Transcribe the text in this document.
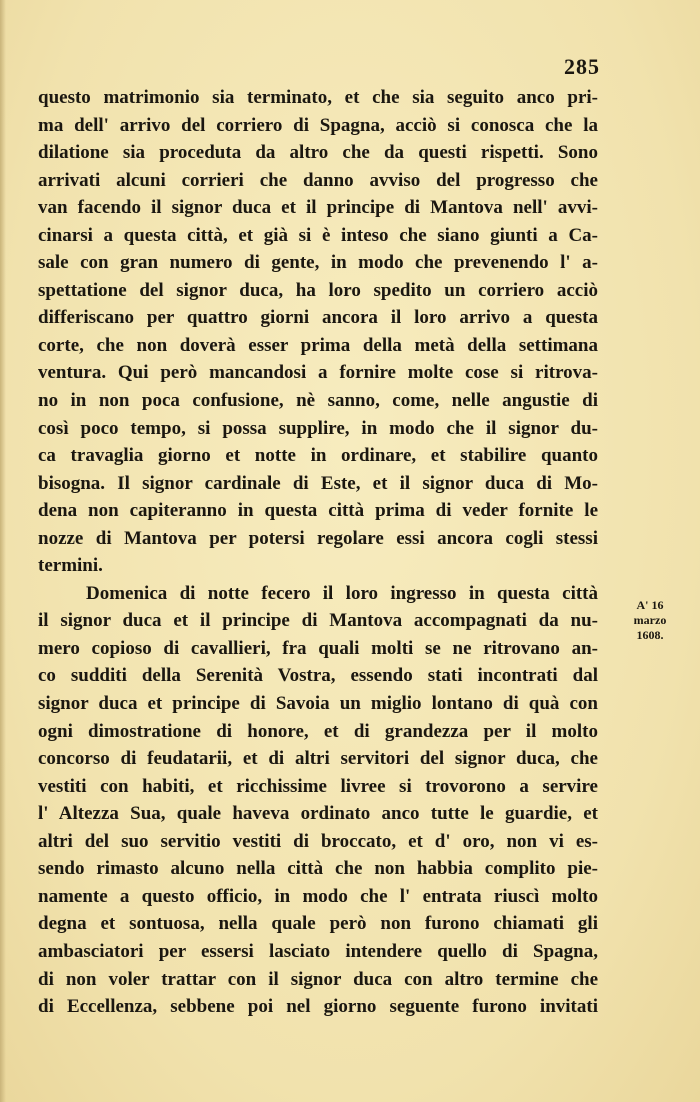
285
questo matrimonio sia terminato, et che sia seguito anco pri-
ma dell' arrivo del corriero di Spagna, acciò si conosca che la
dilatione sia proceduta da altro che da questi rispetti. Sono
arrivati alcuni corrieri che danno avviso del progresso che
van facendo il signor duca et il principe di Mantova nell' avvi-
cinarsi a questa città, et già si è inteso che siano giunti a Ca-
sale con gran numero di gente, in modo che prevenendo l' a-
spettatione del signor duca, ha loro spedito un corriero acciò
differiscano per quattro giorni ancora il loro arrivo a questa
corte, che non doverà esser prima della metà della settimana
ventura. Qui però mancandosi a fornire molte cose si ritrova-
no in non poca confusione, nè sanno, come, nelle angustie di
così poco tempo, si possa supplire, in modo che il signor du-
ca travaglia giorno et notte in ordinare, et stabilire quanto
bisogna. Il signor cardinale di Este, et il signor duca di Mo-
dena non capiteranno in questa città prima di veder fornite le
nozze di Mantova per potersi regolare essi ancora cogli stessi
termini.
Domenica di notte fecero il loro ingresso in questa città
il signor duca et il principe di Mantova accompagnati da nu-
mero copioso di cavallieri, fra quali molti se ne ritrovano an-
co sudditi della Serenità Vostra, essendo stati incontrati dal
signor duca et principe di Savoia un miglio lontano di quà con
ogni dimostratione di honore, et di grandezza per il molto
concorso di feudatarii, et di altri servitori del signor duca, che
vestiti con habiti, et ricchissime livree si trovorono a servire
l' Altezza Sua, quale haveva ordinato anco tutte le guardie, et
altri del suo servitio vestiti di broccato, et d' oro, non vi es-
sendo rimasto alcuno nella città che non habbia complito pie-
namente a questo officio, in modo che l' entrata riuscì molto
degna et sontuosa, nella quale però non furono chiamati gli
ambasciatori per essersi lasciato intendere quello di Spagna,
di non voler trattar con il signor duca con altro termine che
di Eccellenza, sebbene poi nel giorno seguente furono invitati
A' 16
marzo
1608.
